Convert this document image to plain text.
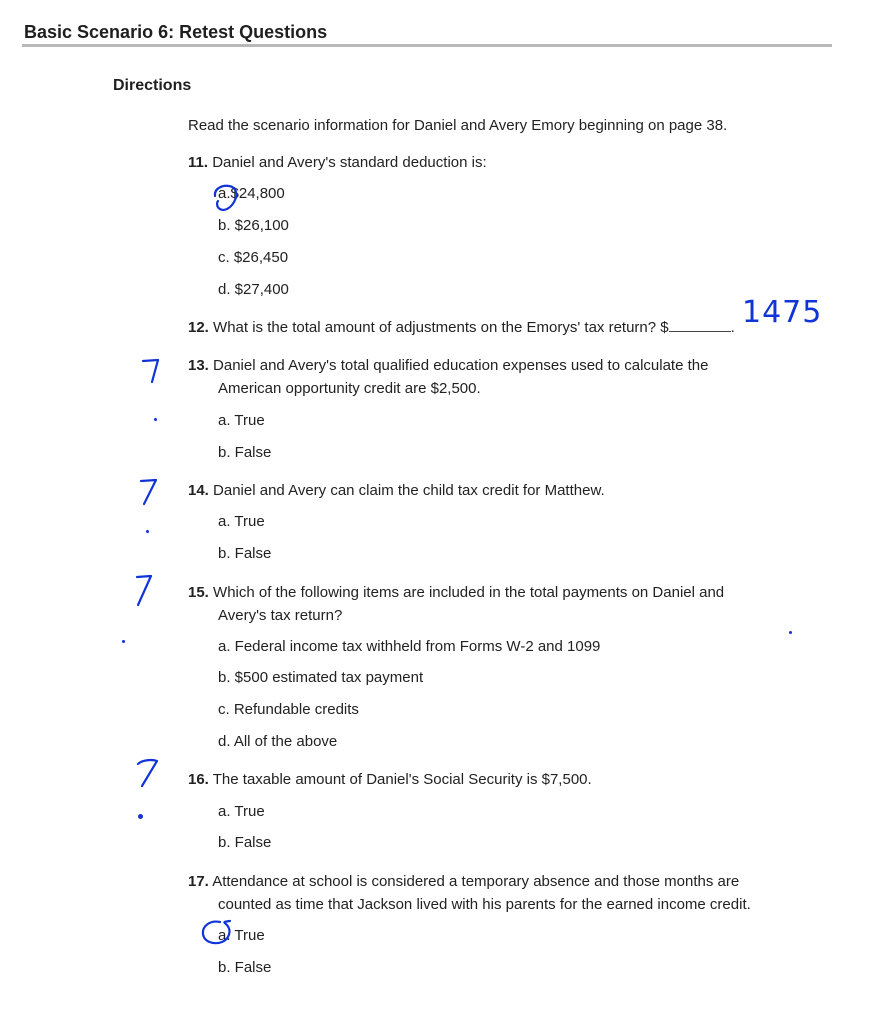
Basic Scenario 6: Retest Questions
Directions
Read the scenario information for Daniel and Avery Emory beginning on page 38.
11. Daniel and Avery's standard deduction is:
a.$24,800
b. $26,100
c. $26,450
d. $27,400
12. What is the total amount of adjustments on the Emorys' tax return? $	. 1475
13. Daniel and Avery's total qualified education expenses used to calculate the
American opportunity credit are $2,500.
a. True
b. False
14. Daniel and Avery can claim the child tax credit for Matthew.
a. True
b. False
15. Which of the following items are included in the total payments on Daniel and
Avery's tax return?
a. Federal income tax withheld from Forms W-2 and 1099
b. $500 estimated tax payment
c. Refundable credits
d. All of the above
16. The taxable amount of Daniel's Social Security is $7,500.
a. True
b. False
17. Attendance at school is considered a temporary absence and those months are
counted as time that Jackson lived with his parents for the earned income credit.
a. True
b. False
